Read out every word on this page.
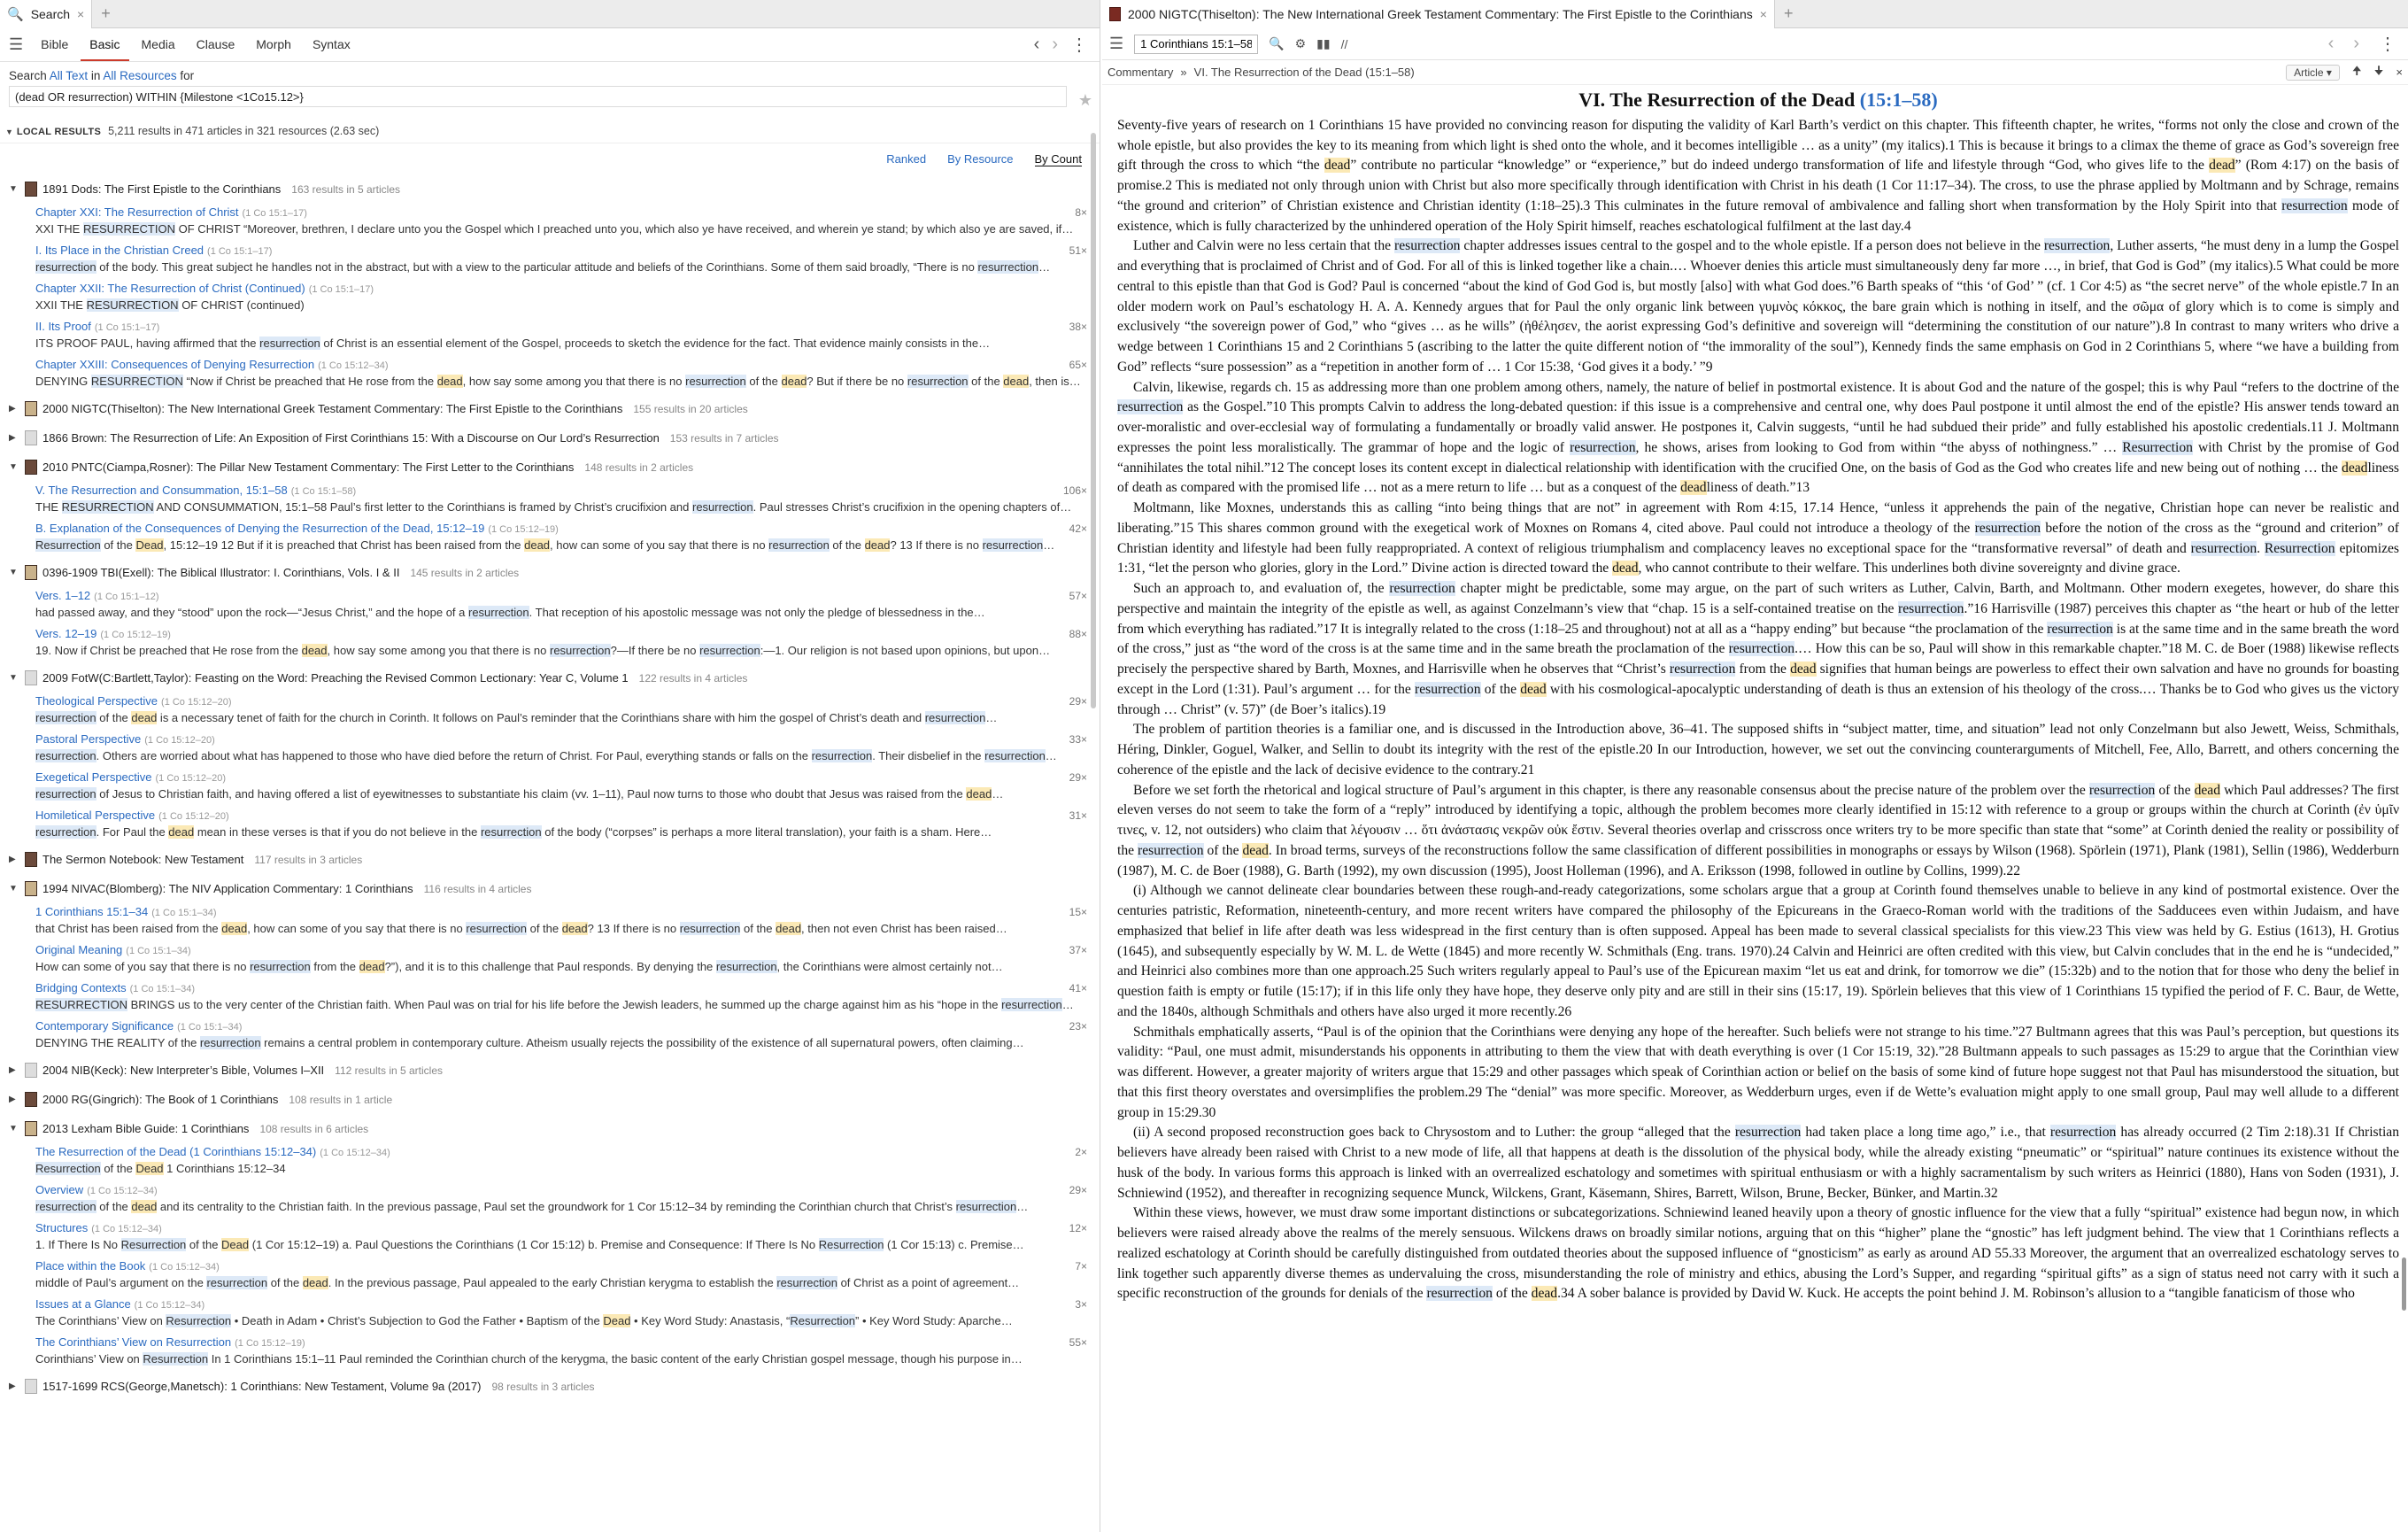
🔍 Search ×	+
☰	Bible	Basic	Media	Clause	Morph	Syntax	‹ › ⋮
Search All Text in All Resources for
(dead OR resurrection) WITHIN {Milestone <1Co15.12>}	★
▼ LOCAL RESULTS 5,211 results in 471 articles in 321 resources (2.63 sec)
Ranked By Resource By Count
▼ 1891 Dods: The First Epistle to the Corinthians 163 results in 5 articles
Chapter XXI: The Resurrection of Christ (1 Co 15:1–17)	8×
XXI THE RESURRECTION OF CHRIST “Moreover, brethren, I declare unto you the Gospel which I preached unto you, which also ye have received, and wherein ye stand; by which also ye are saved, if…
I. Its Place in the Christian Creed (1 Co 15:1–17)	51×
resurrection of the body. This great subject he handles not in the abstract, but with a view to the particular attitude and beliefs of the Corinthians. Some of them said broadly, “There is no resurrection…
Chapter XXII: The Resurrection of Christ (Continued) (1 Co 15:1–17)
XXII THE RESURRECTION OF CHRIST (continued)
II. Its Proof (1 Co 15:1–17)	38×
ITS PROOF PAUL, having affirmed that the resurrection of Christ is an essential element of the Gospel, proceeds to sketch the evidence for the fact. That evidence mainly consists in the…
Chapter XXIII: Consequences of Denying Resurrection (1 Co 15:12–34)	65×
DENYING RESURRECTION “Now if Christ be preached that He rose from the dead, how say some among you that there is no resurrection of the dead? But if there be no resurrection of the dead, then is…
▶	2000 NIGTC(Thiselton): The New International Greek Testament Commentary: The First Epistle to the Corinthians 155 results in 20 articles
▶	1866 Brown: The Resurrection of Life: An Exposition of First Corinthians 15: With a Discourse on Our Lord’s Resurrection 153 results in 7 articles
▼ 2010 PNTC(Ciampa,Rosner): The Pillar New Testament Commentary: The First Letter to the Corinthians 148 results in 2 articles
V. The Resurrection and Consummation, 15:1–58 (1 Co 15:1–58)	106×
THE RESURRECTION AND CONSUMMATION, 15:1–58 Paul’s first letter to the Corinthians is framed by Christ’s crucifixion and resurrection. Paul stresses Christ’s crucifixion in the opening chapters of…
B. Explanation of the Consequences of Denying the Resurrection of the Dead, 15:12–19 (1 Co 15:12–19)	42×
Resurrection of the Dead, 15:12–19 12 But if it is preached that Christ has been raised from the dead, how can some of you say that there is no resurrection of the dead? 13 If there is no resurrection…
▼ 0396-1909 TBI(Exell): The Biblical Illustrator: I. Corinthians, Vols. I & II 145 results in 2 articles
Vers. 1–12 (1 Co 15:1–12)	57×
had passed away, and they “stood” upon the rock—“Jesus Christ,” and the hope of a resurrection. That reception of his apostolic message was not only the pledge of blessedness in the…
Vers. 12–19 (1 Co 15:12–19)	88×
19. Now if Christ be preached that He rose from the dead, how say some among you that there is no resurrection?—If there be no resurrection:—1. Our religion is not based upon opinions, but upon…
▼ 2009 FotW(C:Bartlett,Taylor): Feasting on the Word: Preaching the Revised Common Lectionary: Year C, Volume 1 122 results in 4 articles
Theological Perspective (1 Co 15:12–20)	29×
resurrection of the dead is a necessary tenet of faith for the church in Corinth. It follows on Paul’s reminder that the Corinthians share with him the gospel of Christ’s death and resurrection…
Pastoral Perspective (1 Co 15:12–20)	33×
resurrection. Others are worried about what has happened to those who have died before the return of Christ. For Paul, everything stands or falls on the resurrection. Their disbelief in the resurrection…
Exegetical Perspective (1 Co 15:12–20)	29×
resurrection of Jesus to Christian faith, and having offered a list of eyewitnesses to substantiate his claim (vv. 1–11), Paul now turns to those who doubt that Jesus was raised from the dead…
Homiletical Perspective (1 Co 15:12–20)	31×
resurrection. For Paul the dead mean in these verses is that if you do not believe in the resurrection of the body (“corpses” is perhaps a more literal translation), your faith is a sham. Here…
▶	The Sermon Notebook: New Testament 117 results in 3 articles
▼ 1994 NIVAC(Blomberg): The NIV Application Commentary: 1 Corinthians 116 results in 4 articles
1 Corinthians 15:1–34 (1 Co 15:1–34)	15×
that Christ has been raised from the dead, how can some of you say that there is no resurrection of the dead? 13 If there is no resurrection of the dead, then not even Christ has been raised…
Original Meaning (1 Co 15:1–34)	37×
How can some of you say that there is no resurrection from the dead?”), and it is to this challenge that Paul responds. By denying the resurrection, the Corinthians were almost certainly not…
Bridging Contexts (1 Co 15:1–34)	41×
RESURRECTION BRINGS us to the very center of the Christian faith. When Paul was on trial for his life before the Jewish leaders, he summed up the charge against him as his “hope in the resurrection…
Contemporary Significance (1 Co 15:1–34)	23×
DENYING THE REALITY of the resurrection remains a central problem in contemporary culture. Atheism usually rejects the possibility of the existence of all supernatural powers, often claiming…
▶	2004 NIB(Keck): New Interpreter’s Bible, Volumes I–XII 112 results in 5 articles
▶	2000 RG(Gingrich): The Book of 1 Corinthians 108 results in 1 article
▼ 2013 Lexham Bible Guide: 1 Corinthians 108 results in 6 articles
The Resurrection of the Dead (1 Corinthians 15:12–34) (1 Co 15:12–34)	2×
Resurrection of the Dead 1 Corinthians 15:12–34
Overview (1 Co 15:12–34)	29×
resurrection of the dead and its centrality to the Christian faith. In the previous passage, Paul set the groundwork for 1 Cor 15:12–34 by reminding the Corinthian church that Christ’s resurrection…
Structures (1 Co 15:12–34)	12×
1. If There Is No Resurrection of the Dead (1 Cor 15:12–19) a. Paul Questions the Corinthians (1 Cor 15:12) b. Premise and Consequence: If There Is No Resurrection (1 Cor 15:13) c. Premise…
Place within the Book (1 Co 15:12–34)	7×
middle of Paul’s argument on the resurrection of the dead. In the previous passage, Paul appealed to the early Christian kerygma to establish the resurrection of Christ as a point of agreement…
Issues at a Glance (1 Co 15:12–34)	3×
The Corinthians’ View on Resurrection • Death in Adam • Christ’s Subjection to God the Father • Baptism of the Dead • Key Word Study: Anastasis, “Resurrection” • Key Word Study: Aparche…
The Corinthians’ View on Resurrection (1 Co 15:12–19)	55×
Corinthians’ View on Resurrection In 1 Corinthians 15:1–11 Paul reminded the Corinthian church of the kerygma, the basic content of the early Christian gospel message, though his purpose in…
▶	1517-1699 RCS(George,Manetsch): 1 Corinthians: New Testament, Volume 9a (2017) 98 results in 3 articles
2000 NIGTC(Thiselton): The New International Greek Testament Commentary: The First Epistle to the Corinthians ×	+
☰
1 Corinthians 15:1–58	🔍 ⚙ ▮▮ //	‹ › ⋮
Commentary » VI. The Resurrection of the Dead (15:1–58)	Article ▾	🠉 🠋 ×
VI. The Resurrection of the Dead (15:1–58)

Seventy-five years of research on 1 Corinthians 15 have provided no convincing reason for disputing the validity of Karl Barth’s verdict on this chapter. This fifteenth chapter, he writes, “forms not only the close and crown of the whole epistle, but also provides the key to its meaning from which light is shed onto the whole, and it becomes intelligible … as a unity” (my italics).1 This is because it brings to a climax the theme of grace as God’s sovereign free gift through the cross to which “the dead” contribute no particular “knowledge” or “experience,” but do indeed undergo transformation of life and lifestyle through “God, who gives life to the dead” (Rom 4:17) on the basis of promise.2 This is mediated not only through union with Christ but also more specifically through identification with Christ in his death (1 Cor 11:17–34). The cross, to use the phrase applied by Moltmann and by Schrage, remains “the ground and criterion” of Christian existence and Christian identity (1:18–25).3 This culminates in the future removal of ambivalence and falling short when transformation by the Holy Spirit into that resurrection mode of existence, which is fully characterized by the unhindered operation of the Holy Spirit himself, reaches eschatological fulfilment at the last day.4

Luther and Calvin were no less certain that the resurrection chapter addresses issues central to the gospel and to the whole epistle. If a person does not believe in the resurrection, Luther asserts, “he must deny in a lump the Gospel and everything that is proclaimed of Christ and of God. For all of this is linked together like a chain.… Whoever denies this article must simultaneously deny far more …, in brief, that God is God” (my italics).5 What could be more central to this epistle than that God is God? Paul is concerned “about the kind of God God is, but mostly [also] with what God does.”6 Barth speaks of “this ‘of God’ ” (cf. 1 Cor 4:5) as “the secret nerve” of the whole epistle.7 In an older modern work on Paul’s eschatology H. A. A. Kennedy argues that for Paul the only organic link between γυμνὸς κόκκος, the bare grain which is nothing in itself, and the σῶμα of glory which is to come is simply and exclusively “the sovereign power of God,” who “gives … as he wills” (ἠθέλησεν, the aorist expressing God’s definitive and sovereign will “determining the constitution of our nature”).8 In contrast to many writers who drive a wedge between 1 Corinthians 15 and 2 Corinthians 5 (ascribing to the latter the quite different notion of “the immorality of the soul”), Kennedy finds the same emphasis on God in 2 Corinthians 5, where “we have a building from God” reflects “sure possession” as a “repetition in another form of … 1 Cor 15:38, ‘God gives it a body.’ ”9

Calvin, likewise, regards ch. 15 as addressing more than one problem among others, namely, the nature of belief in postmortal existence. It is about God and the nature of the gospel; this is why Paul “refers to the doctrine of the resurrection as the Gospel.”10 This prompts Calvin to address the long-debated question: if this issue is a comprehensive and central one, why does Paul postpone it until almost the end of the epistle? His answer tends toward an over-moralistic and over-ecclesial way of formulating a fundamentally or broadly valid answer. He postpones it, Calvin suggests, “until he had subdued their pride” and fully established his apostolic credentials.11 J. Moltmann expresses the point less moralistically. The grammar of hope and the logic of resurrection, he shows, arises from looking to God from within “the abyss of nothingness.” … Resurrection with Christ by the promise of God “annihilates the total nihil.”12 The concept loses its content except in dialectical relationship with identification with the crucified One, on the basis of God as the God who creates life and new being out of nothing … the deadliness of death as compared with the promised life … not as a mere return to life … but as a conquest of the deadliness of death.”13

Moltmann, like Moxnes, understands this as calling “into being things that are not” in agreement with Rom 4:15, 17.14 Hence, “unless it apprehends the pain of the negative, Christian hope can never be realistic and liberating.”15 This shares common ground with the exegetical work of Moxnes on Romans 4, cited above. Paul could not introduce a theology of the resurrection before the notion of the cross as the “ground and criterion” of Christian identity and lifestyle had been fully reappropriated. A context of religious triumphalism and complacency leaves no exceptional space for the “transformative reversal” of death and resurrection. Resurrection epitomizes 1:31, “let the person who glories, glory in the Lord.” Divine action is directed toward the dead, who cannot contribute to their welfare. This underlines both divine sovereignty and divine grace.

Such an approach to, and evaluation of, the resurrection chapter might be predictable, some may argue, on the part of such writers as Luther, Calvin, Barth, and Moltmann. Other modern exegetes, however, do share this perspective and maintain the integrity of the epistle as well, as against Conzelmann’s view that “chap. 15 is a self-contained treatise on the resurrection.”16 Harrisville (1987) perceives this chapter as “the heart or hub of the letter from which everything has radiated.”17 It is integrally related to the cross (1:18–25 and throughout) not at all as a “happy ending” but because “the proclamation of the resurrection is at the same time and in the same breath the word of the cross,” just as “the word of the cross is at the same time and in the same breath the proclamation of the resurrection.… How this can be so, Paul will show in this remarkable chapter.”18 M. C. de Boer (1988) likewise reflects precisely the perspective shared by Barth, Moxnes, and Harrisville when he observes that “Christ’s resurrection from the dead signifies that human beings are powerless to effect their own salvation and have no grounds for boasting except in the Lord (1:31). Paul’s argument … for the resurrection of the dead with his cosmological-apocalyptic understanding of death is thus an extension of his theology of the cross.… Thanks be to God who gives us the victory through … Christ” (v. 57)” (de Boer’s italics).19

The problem of partition theories is a familiar one, and is discussed in the Introduction above, 36–41. The supposed shifts in “subject matter, time, and situation” lead not only Conzelmann but also Jewett, Weiss, Schmithals, Héring, Dinkler, Goguel, Walker, and Sellin to doubt its integrity with the rest of the epistle.20 In our Introduction, however, we set out the convincing counterarguments of Mitchell, Fee, Allo, Barrett, and others concerning the coherence of the epistle and the lack of decisive evidence to the contrary.21

Before we set forth the rhetorical and logical structure of Paul’s argument in this chapter, is there any reasonable consensus about the precise nature of the problem over the resurrection of the dead which Paul addresses? The first eleven verses do not seem to take the form of a “reply” introduced by identifying a topic, although the problem becomes more clearly identified in 15:12 with reference to a group or groups within the church at Corinth (ἐν ὑμῖν τινες, v. 12, not outsiders) who claim that λέγουσιν … ὅτι ἀνάστασις νεκρῶν οὐκ ἔστιν. Several theories overlap and crisscross once writers try to be more specific than state that “some” at Corinth denied the reality or possibility of the resurrection of the dead. In broad terms, surveys of the reconstructions follow the same classification of different possibilities in monographs or essays by Wilson (1968). Spörlein (1971), Plank (1981), Sellin (1986), Wedderburn (1987), M. C. de Boer (1988), G. Barth (1992), my own discussion (1995), Joost Holleman (1996), and A. Eriksson (1998, followed in outline by Collins, 1999).22

(i) Although we cannot delineate clear boundaries between these rough-and-ready categorizations, some scholars argue that a group at Corinth found themselves unable to believe in any kind of postmortal existence. Over the centuries patristic, Reformation, nineteenth-century, and more recent writers have compared the philosophy of the Epicureans in the Graeco-Roman world with the traditions of the Sadducees even within Judaism, and have emphasized that belief in life after death was less widespread in the first century than is often supposed. Appeal has been made to several classical specialists for this view.23 This view was held by G. Estius (1613), H. Grotius (1645), and subsequently especially by W. M. L. de Wette (1845) and more recently W. Schmithals (Eng. trans. 1970).24 Calvin and Heinrici are often credited with this view, but Calvin concludes that in the end he is “undecided,” and Heinrici also combines more than one approach.25 Such writers regularly appeal to Paul’s use of the Epicurean maxim “let us eat and drink, for tomorrow we die” (15:32b) and to the notion that for those who deny the belief in question faith is empty or futile (15:17); if in this life only they have hope, they deserve only pity and are still in their sins (15:17, 19). Spörlein believes that this view of 1 Corinthians 15 typified the period of F. C. Baur, de Wette, and the 1840s, although Schmithals and others have also urged it more recently.26

Schmithals emphatically asserts, “Paul is of the opinion that the Corinthians were denying any hope of the hereafter. Such beliefs were not strange to his time.”27 Bultmann agrees that this was Paul’s perception, but questions its validity: “Paul, one must admit, misunderstands his opponents in attributing to them the view that with death everything is over (1 Cor 15:19, 32).”28 Bultmann appeals to such passages as 15:29 to argue that the Corinthian view was different. However, a greater majority of writers argue that 15:29 and other passages which speak of Corinthian action or belief on the basis of some kind of future hope suggest not that Paul has misunderstood the situation, but that this first theory overstates and oversimplifies the problem.29 The “denial” was more specific. Moreover, as Wedderburn urges, even if de Wette’s evaluation might apply to one small group, Paul may well allude to a different group in 15:29.30

(ii) A second proposed reconstruction goes back to Chrysostom and to Luther: the group “alleged that the resurrection had taken place a long time ago,” i.e., that resurrection has already occurred (2 Tim 2:18).31 If Christian believers have already been raised with Christ to a new mode of life, all that happens at death is the dissolution of the physical body, while the already existing “pneumatic” or “spiritual” nature continues its existence without the husk of the body. In various forms this approach is linked with an overrealized eschatology and sometimes with spiritual enthusiasm or with a highly sacramentalism by such writers as Heinrici (1880), Hans von Soden (1931), J. Schniewind (1952), and thereafter in recognizing sequence Munck, Wilckens, Grant, Käsemann, Shires, Barrett, Wilson, Brune, Becker, Bünker, and Martin.32

Within these views, however, we must draw some important distinctions or subcategorizations. Schniewind leaned heavily upon a theory of gnostic influence for the view that a fully “spiritual” existence had begun now, in which believers were raised already above the realms of the merely sensuous. Wilckens draws on broadly similar notions, arguing that on this “higher” plane the “gnostic” has left judgment behind. The view that 1 Corinthians reflects a realized eschatology at Corinth should be carefully distinguished from outdated theories about the supposed influence of “gnosticism” as early as around AD 55.33 Moreover, the argument that an overrealized eschatology serves to link together such apparently diverse themes as undervaluing the cross, misunderstanding the role of ministry and ethics, abusing the Lord’s Supper, and regarding “spiritual gifts” as a sign of status need not carry with it such a specific reconstruction of the grounds for denials of the resurrection of the dead.34 A sober balance is provided by David W. Kuck. He accepts the point behind J. M. Robinson’s allusion to a “tangible fanaticism of those who
